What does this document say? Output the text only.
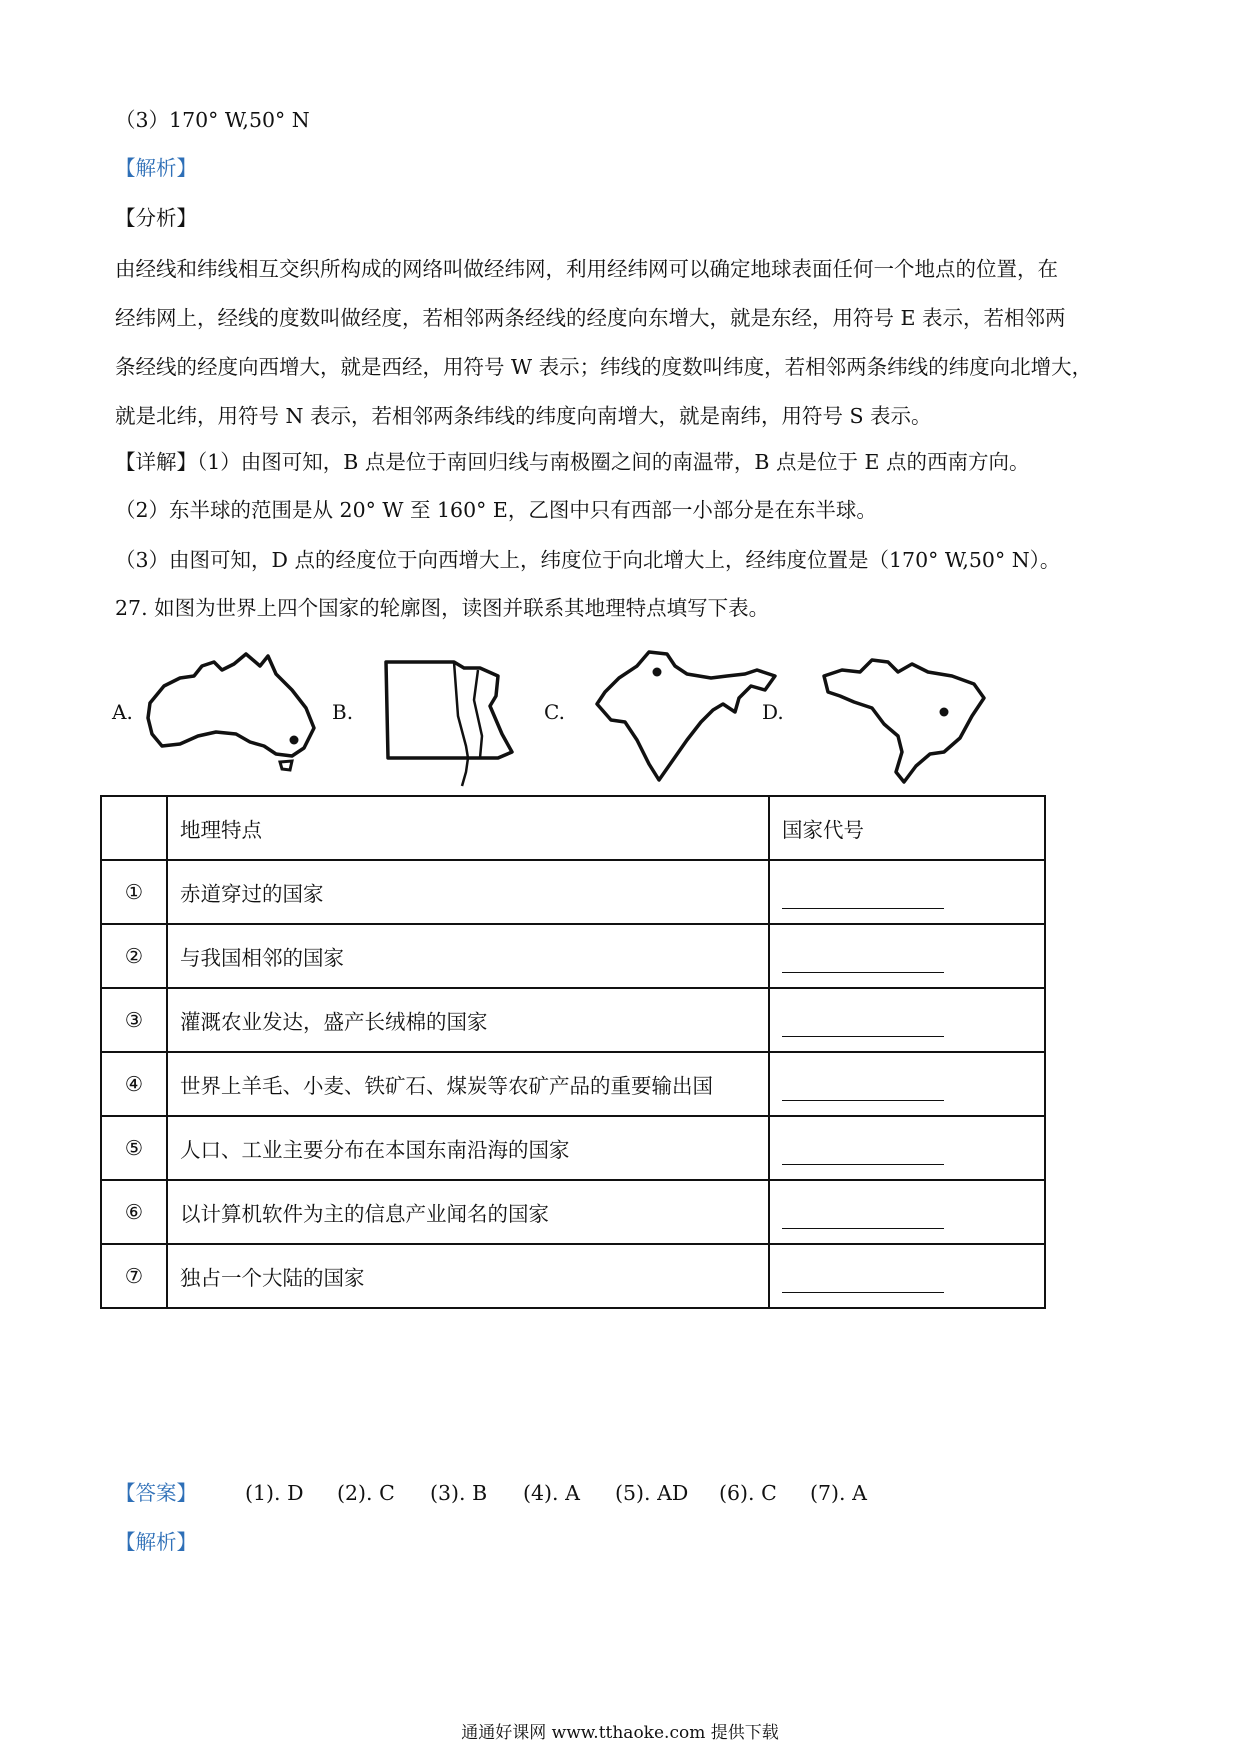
（3）170° W,50° N
【解析】
【分析】
由经线和纬线相互交织所构成的网络叫做经纬网，利用经纬网可以确定地球表面任何一个地点的位置，在
经纬网上，经线的度数叫做经度，若相邻两条经线的经度向东增大，就是东经，用符号 E 表示，若相邻两
条经线的经度向西增大，就是西经，用符号 W 表示；纬线的度数叫纬度，若相邻两条纬线的纬度向北增大，
就是北纬，用符号 N 表示，若相邻两条纬线的纬度向南增大，就是南纬，用符号 S 表示。
【详解】（1）由图可知，B 点是位于南回归线与南极圈之间的南温带，B 点是位于 E 点的西南方向。
（2）东半球的范围是从 20° W 至 160° E，乙图中只有西部一小部分是在东半球。
（3）由图可知，D 点的经度位于向西增大上，纬度位于向北增大上，经纬度位置是（170° W,50° N）。
27. 如图为世界上四个国家的轮廓图，读图并联系其地理特点填写下表。
A.	B.	C.	D.
	地理特点	国家代号
①	赤道穿过的国家	
②	与我国相邻的国家	
③	灌溉农业发达，盛产长绒棉的国家	
④	世界上羊毛、小麦、铁矿石、煤炭等农矿产品的重要输出国	
⑤	人口、工业主要分布在本国东南沿海的国家	
⑥	以计算机软件为主的信息产业闻名的国家	
⑦	独占一个大陆的国家	
【答案】 (1). D (2). C (3). B (4). A (5). AD (6). C (7). A
【解析】
通通好课网 www.tthaoke.com 提供下载
